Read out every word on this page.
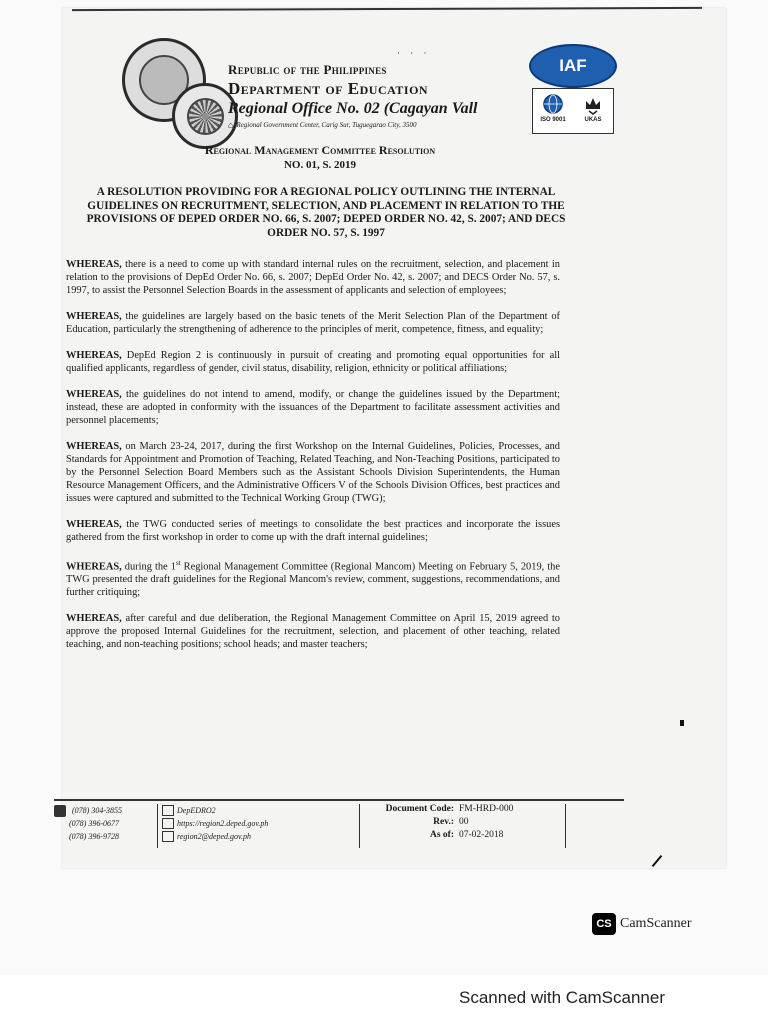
· · ·
Republic of the Philippines
Department of Education
Regional Office No. 02 (Cagayan Vall
⌂ Regional Government Center, Carig Sur, Tuguegarao City, 3500
IAF
ISO 9001	UKAS
Regional Management Committee Resolution
NO. 01, S. 2019
A RESOLUTION PROVIDING FOR A REGIONAL POLICY OUTLINING THE INTERNAL GUIDELINES ON RECRUITMENT, SELECTION, AND PLACEMENT IN RELATION TO THE PROVISIONS OF DEPED ORDER NO. 66, S. 2007; DEPED ORDER NO. 42, S. 2007; AND DECS ORDER NO. 57, S. 1997

WHEREAS, there is a need to come up with standard internal rules on the recruitment, selection, and placement in relation to the provisions of DepEd Order No. 66, s. 2007; DepEd Order No. 42, s. 2007; and DECS Order No. 57, s. 1997, to assist the Personnel Selection Boards in the assessment of applicants and selection of employees;

WHEREAS, the guidelines are largely based on the basic tenets of the Merit Selection Plan of the Department of Education, particularly the strengthening of adherence to the principles of merit, competence, fitness, and equality;

WHEREAS, DepEd Region 2 is continuously in pursuit of creating and promoting equal opportunities for all qualified applicants, regardless of gender, civil status, disability, religion, ethnicity or political affiliations;

WHEREAS, the guidelines do not intend to amend, modify, or change the guidelines issued by the Department; instead, these are adopted in conformity with the issuances of the Department to facilitate assessment activities and personnel placements;

WHEREAS, on March 23-24, 2017, during the first Workshop on the Internal Guidelines, Policies, Processes, and Standards for Appointment and Promotion of Teaching, Related Teaching, and Non-Teaching Positions, participated to by the Personnel Selection Board Members such as the Assistant Schools Division Superintendents, the Human Resource Management Officers, and the Administrative Officers V of the Schools Division Offices, best practices and issues were captured and submitted to the Technical Working Group (TWG);

WHEREAS, the TWG conducted series of meetings to consolidate the best practices and incorporate the issues gathered from the first workshop in order to come up with the draft internal guidelines;

WHEREAS, during the 1st Regional Management Committee (Regional Mancom) Meeting on February 5, 2019, the TWG presented the draft guidelines for the Regional Mancom's review, comment, suggestions, recommendations, and further critiquing;

WHEREAS, after careful and due deliberation, the Regional Management Committee on April 15, 2019 agreed to approve the proposed Internal Guidelines for the recruitment, selection, and placement of other teaching, related teaching, and non-teaching positions; school heads; and master teachers;

(078) 304-3855
(078) 396-0677
(078) 396-9728
DepEDRO2
https://region2.deped.gov.ph
region2@deped.gov.ph
Document Code: FM-HRD-000
Rev.: 00
As of: 07-02-2018
CS CamScanner
Scanned with CamScanner
